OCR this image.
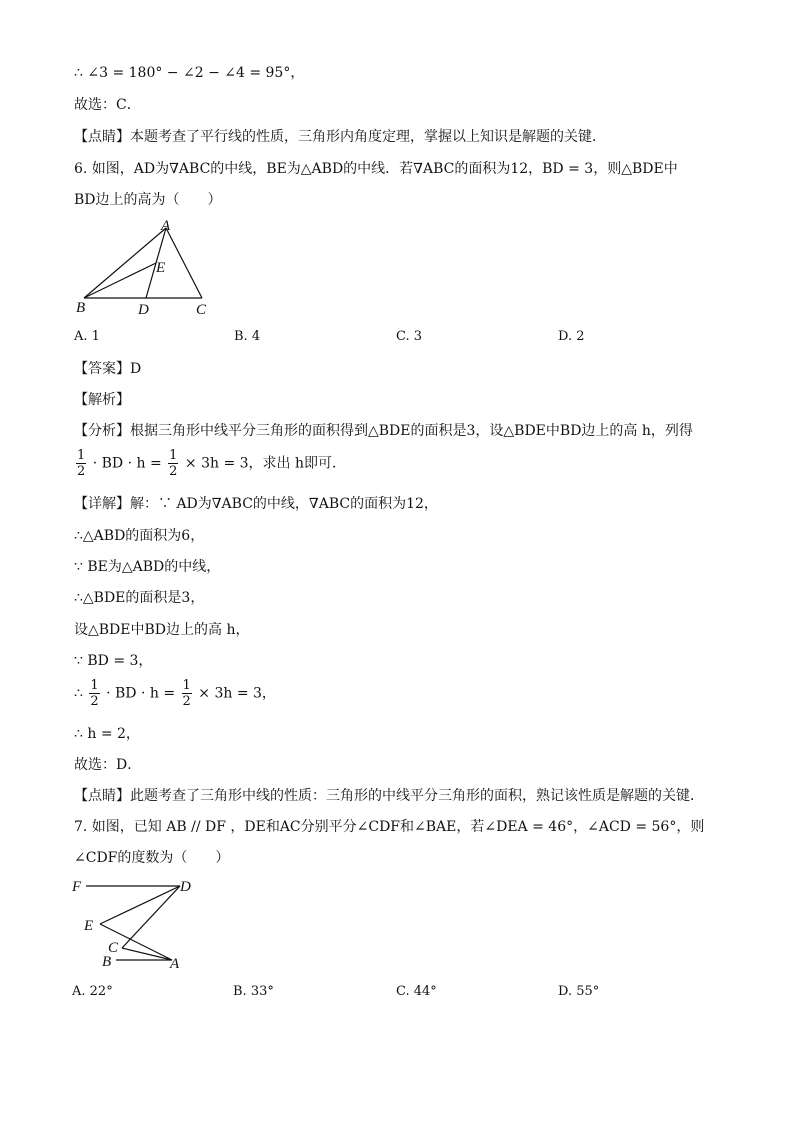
∴ ∠3 = 180° − ∠2 − ∠4 = 95°，
故选：C．
【点睛】本题考查了平行线的性质，三角形内角度定理，掌握以上知识是解题的关键．
6. 如图，AD为∇ABC的中线，BE为△ABD的中线．若∇ABC的面积为12，BD = 3，则△BDE中
BD边上的高为（　　）
A
E
B	D	C
A. 1	B. 4	C. 3	D. 2
【答案】D
【解析】
【分析】根据三角形中线平分三角形的面积得到△BDE的面积是3，设△BDE中BD边上的高 h，列得
$\frac{1}{2}$ · BD · $h = \frac{1}{2} \times 3h = 3$，求出 h即可．
【详解】解：∵ AD为∇ABC的中线，∇ABC的面积为12，
∴△ABD的面积为6，
∵ BE为△ABD的中线，
∴△BDE的面积是3，
设△BDE中BD边上的高 h，
∵ BD = 3，
∴ $\frac{1}{2}$ · BD · $h = \frac{1}{2} \times 3h = 3$，
∴ h = 2，
故选：D．
【点睛】此题考查了三角形中线的性质：三角形的中线平分三角形的面积，熟记该性质是解题的关键．
7. 如图，已知 AB // DF ，DE和AC分别平分∠CDF和∠BAE，若∠DEA = 46°，∠ACD = 56°，则
∠CDF的度数为（　　）
F	D
E
C
B	A
A. 22°	B. 33°	C. 44°	D. 55°
